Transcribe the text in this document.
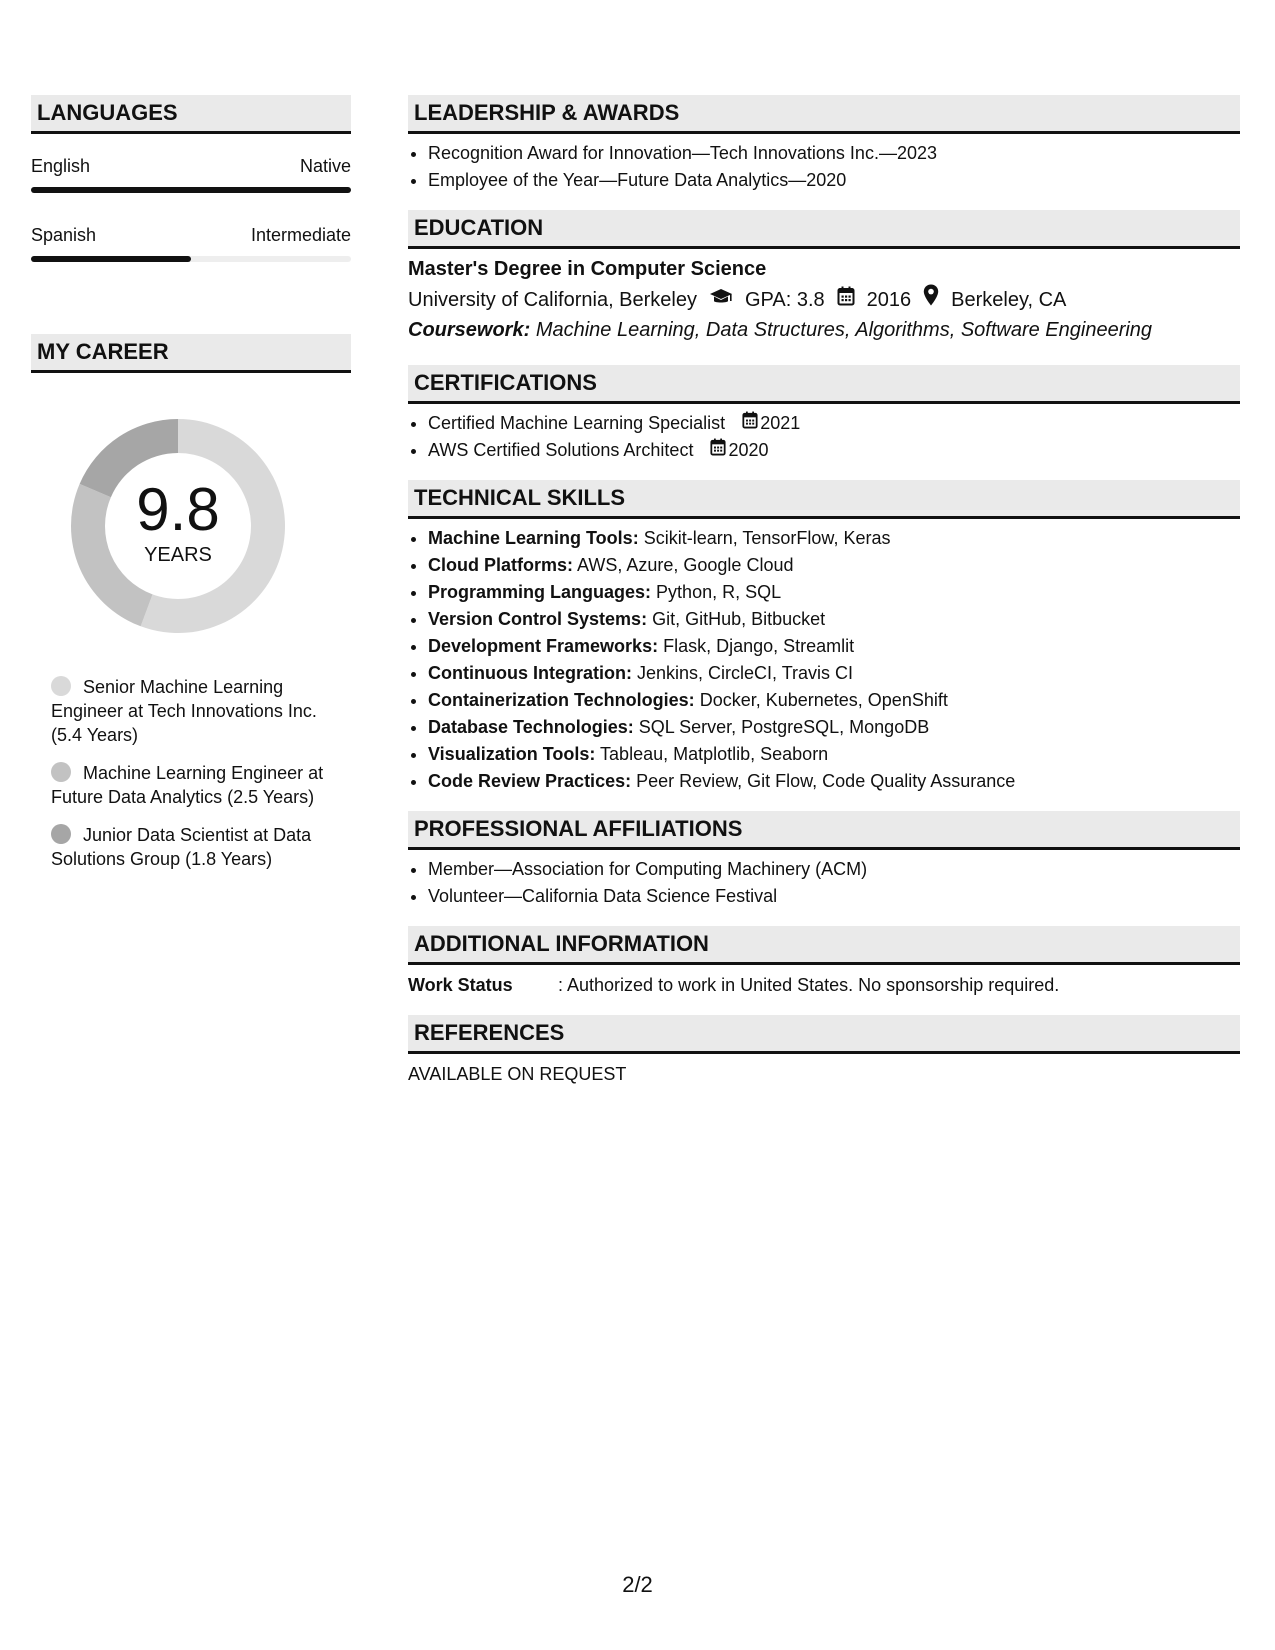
LANGUAGES
English	Native
Spanish	Intermediate
MY CAREER
9.8
YEARS
Senior Machine Learning Engineer at Tech Innovations Inc. (5.4 Years)
Machine Learning Engineer at Future Data Analytics (2.5 Years)
Junior Data Scientist at Data Solutions Group (1.8 Years)
LEADERSHIP & AWARDS
• Recognition Award for Innovation—Tech Innovations Inc.—2023
• Employee of the Year—Future Data Analytics—2020
EDUCATION
Master's Degree in Computer Science
University of California, Berkeley GPA: 3.8 2016 Berkeley, CA
Coursework: Machine Learning, Data Structures, Algorithms, Software Engineering
CERTIFICATIONS
• Certified Machine Learning Specialist 2021
• AWS Certified Solutions Architect 2020
TECHNICAL SKILLS
• Machine Learning Tools: Scikit-learn, TensorFlow, Keras
• Cloud Platforms: AWS, Azure, Google Cloud
• Programming Languages: Python, R, SQL
• Version Control Systems: Git, GitHub, Bitbucket
• Development Frameworks: Flask, Django, Streamlit
• Continuous Integration: Jenkins, CircleCI, Travis CI
• Containerization Technologies: Docker, Kubernetes, OpenShift
• Database Technologies: SQL Server, PostgreSQL, MongoDB
• Visualization Tools: Tableau, Matplotlib, Seaborn
• Code Review Practices: Peer Review, Git Flow, Code Quality Assurance
PROFESSIONAL AFFILIATIONS
• Member—Association for Computing Machinery (ACM)
• Volunteer—California Data Science Festival
ADDITIONAL INFORMATION
Work Status	: Authorized to work in United States. No sponsorship required.
REFERENCES
AVAILABLE ON REQUEST
2/2
